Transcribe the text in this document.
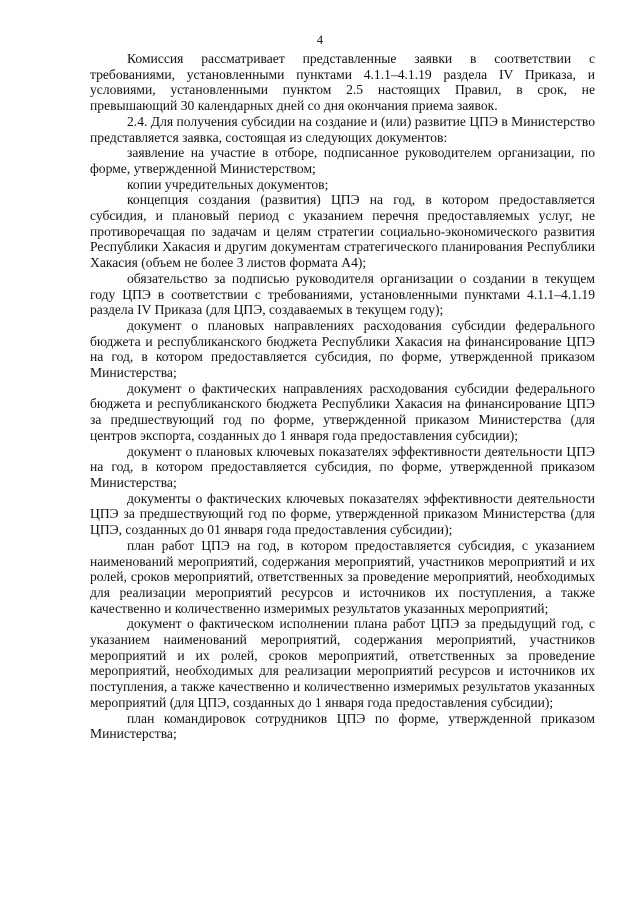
4

Комиссия рассматривает представленные заявки в соответствии с требованиями, установленными пунктами 4.1.1–4.1.19 раздела IV Приказа, и условиями, установленными пунктом 2.5 настоящих Правил, в срок, не превышающий 30 календарных дней со дня окончания приема заявок.

2.4. Для получения субсидии на создание и (или) развитие ЦПЭ в Министерство представляется заявка, состоящая из следующих документов:

заявление на участие в отборе, подписанное руководителем организации, по форме, утвержденной Министерством;

копии учредительных документов;

концепция создания (развития) ЦПЭ на год, в котором предоставляется субсидия, и плановый период с указанием перечня предоставляемых услуг, не противоречащая по задачам и целям стратегии социально-экономического развития Республики Хакасия и другим документам стратегического планирования Республики Хакасия (объем не более 3 листов формата А4);

обязательство за подписью руководителя организации о создании в текущем году ЦПЭ в соответствии с требованиями, установленными пунктами 4.1.1–4.1.19 раздела IV Приказа (для ЦПЭ, создаваемых в текущем году);

документ о плановых направлениях расходования субсидии федерального бюджета и республиканского бюджета Республики Хакасия на финансирование ЦПЭ на год, в котором предоставляется субсидия, по форме, утвержденной приказом Министерства;

документ о фактических направлениях расходования субсидии федерального бюджета и республиканского бюджета Республики Хакасия на финансирование ЦПЭ за предшествующий год по форме, утвержденной приказом Министерства (для центров экспорта, созданных до 1 января года предоставления субсидии);

документ о плановых ключевых показателях эффективности деятельности ЦПЭ на год, в котором предоставляется субсидия, по форме, утвержденной приказом Министерства;

документы о фактических ключевых показателях эффективности деятельности ЦПЭ за предшествующий год по форме, утвержденной приказом Министерства (для ЦПЭ, созданных до 01 января года предоставления субсидии);

план работ ЦПЭ на год, в котором предоставляется субсидия, с указанием наименований мероприятий, содержания мероприятий, участников мероприятий и их ролей, сроков мероприятий, ответственных за проведение мероприятий, необходимых для реализации мероприятий ресурсов и источников их поступления, а также качественно и количественно измеримых результатов указанных мероприятий;

документ о фактическом исполнении плана работ ЦПЭ за предыдущий год, с указанием наименований мероприятий, содержания мероприятий, участников мероприятий и их ролей, сроков мероприятий, ответственных за проведение мероприятий, необходимых для реализации мероприятий ресурсов и источников их поступления, а также качественно и количественно измеримых результатов указанных мероприятий (для ЦПЭ, созданных до 1 января года предоставления субсидии);

план командировок сотрудников ЦПЭ по форме, утвержденной приказом Министерства;
